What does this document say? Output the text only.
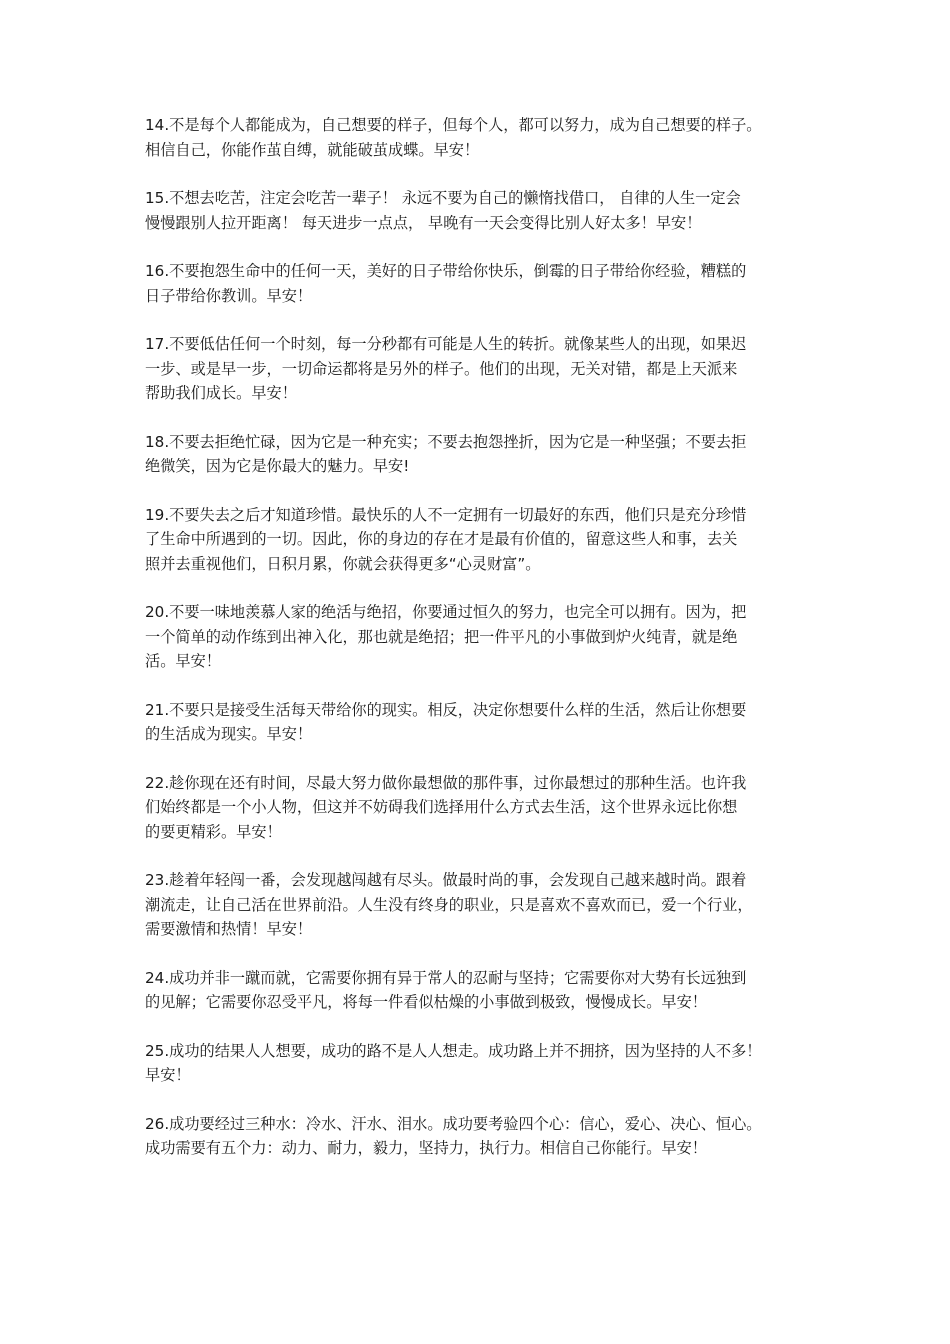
14.不是每个人都能成为，自己想要的样子，但每个人，都可以努力，成为自己想要的样子。
相信自己，你能作茧自缚，就能破茧成蝶。早安！

15.不想去吃苦，注定会吃苦一辈子！ 永远不要为自己的懒惰找借口， 自律的人生一定会
慢慢跟别人拉开距离！ 每天进步一点点， 早晚有一天会变得比别人好太多！早安！

16.不要抱怨生命中的任何一天，美好的日子带给你快乐，倒霉的日子带给你经验，糟糕的
日子带给你教训。早安！

17.不要低估任何一个时刻，每一分秒都有可能是人生的转折。就像某些人的出现，如果迟
一步、或是早一步，一切命运都将是另外的样子。他们的出现，无关对错，都是上天派来
帮助我们成长。早安！

18.不要去拒绝忙碌，因为它是一种充实；不要去抱怨挫折，因为它是一种坚强；不要去拒
绝微笑，因为它是你最大的魅力。早安!

19.不要失去之后才知道珍惜。最快乐的人不一定拥有一切最好的东西，他们只是充分珍惜
了生命中所遇到的一切。因此，你的身边的存在才是最有价值的，留意这些人和事，去关
照并去重视他们，日积月累，你就会获得更多“心灵财富”。

20.不要一味地羡慕人家的绝活与绝招，你要通过恒久的努力，也完全可以拥有。因为，把
一个简单的动作练到出神入化，那也就是绝招；把一件平凡的小事做到炉火纯青，就是绝
活。早安！

21.不要只是接受生活每天带给你的现实。相反，决定你想要什么样的生活，然后让你想要
的生活成为现实。早安！

22.趁你现在还有时间，尽最大努力做你最想做的那件事，过你最想过的那种生活。也许我
们始终都是一个小人物，但这并不妨碍我们选择用什么方式去生活，这个世界永远比你想
的要更精彩。早安！

23.趁着年轻闯一番，会发现越闯越有尽头。做最时尚的事，会发现自己越来越时尚。跟着
潮流走，让自己活在世界前沿。人生没有终身的职业，只是喜欢不喜欢而已，爱一个行业，
需要激情和热情！早安！

24.成功并非一蹴而就，它需要你拥有异于常人的忍耐与坚持；它需要你对大势有长远独到
的见解；它需要你忍受平凡，将每一件看似枯燥的小事做到极致，慢慢成长。早安！

25.成功的结果人人想要，成功的路不是人人想走。成功路上并不拥挤，因为坚持的人不多！
早安！

26.成功要经过三种水：冷水、汗水、泪水。成功要考验四个心：信心，爱心、决心、恒心。
成功需要有五个力：动力、耐力，毅力，坚持力，执行力。相信自己你能行。早安！
